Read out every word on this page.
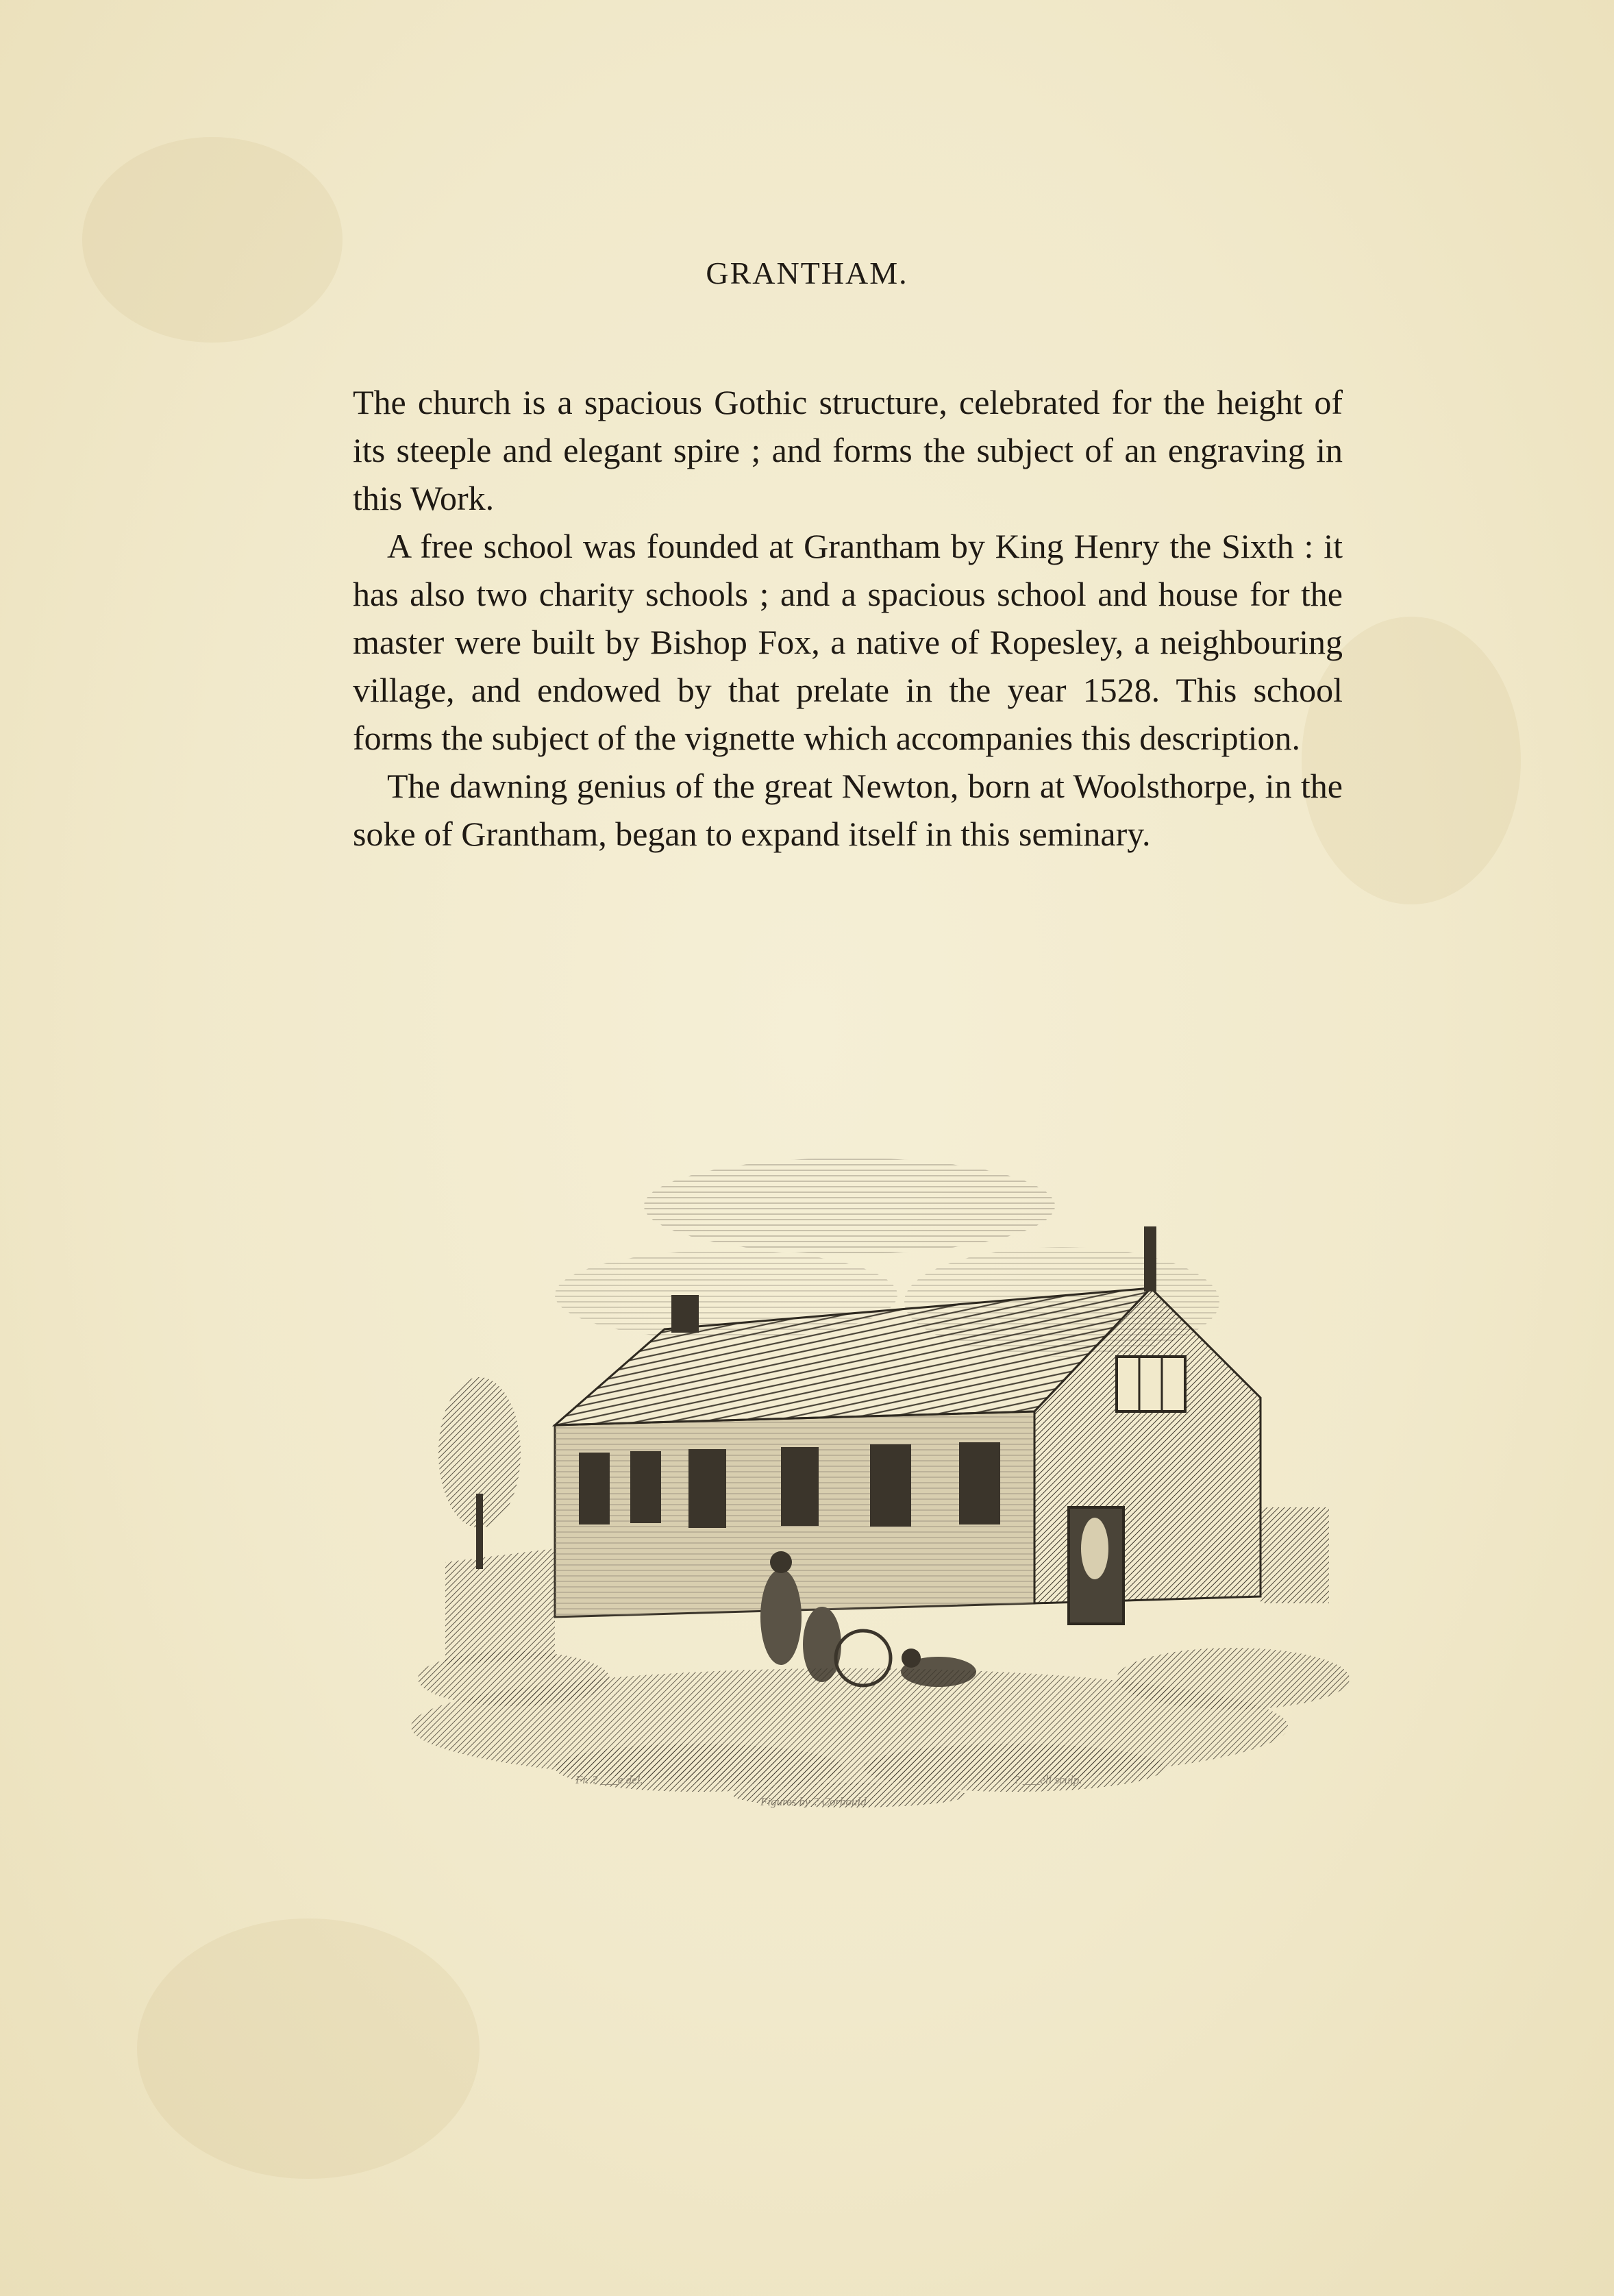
GRANTHAM.

The church is a spacious Gothic structure, celebrated for the height of its steeple and elegant spire ; and forms the subject of an engraving in this Work.

A free school was founded at Grantham by King Henry the Sixth : it has also two charity schools ; and a spacious school and house for the master were built by Bishop Fox, a native of Ropesley, a neighbouring village, and endowed by that prelate in the year 1528. This school forms the subject of the vignette which accompanies this description.

The dawning genius of the great Newton, born at Woolsthorpe, in the soke of Grantham, began to expand itself in this seminary.

Fr. ? ___e del.
Figures by ? Corbould
? ___ell sculp.
